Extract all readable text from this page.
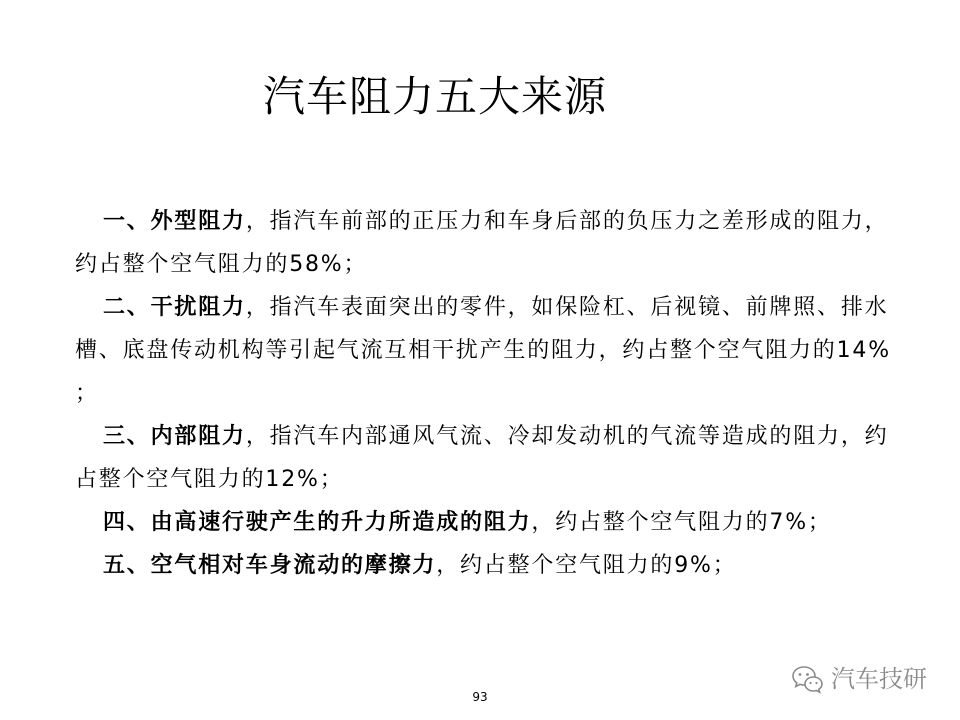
汽车阻力五大来源
一、外型阻力，指汽车前部的正压力和车身后部的负压力之差形成的阻力，
约占整个空气阻力的58%；
二、干扰阻力，指汽车表面突出的零件，如保险杠、后视镜、前牌照、排水
槽、底盘传动机构等引起气流互相干扰产生的阻力，约占整个空气阻力的14%
；
三、内部阻力，指汽车内部通风气流、冷却发动机的气流等造成的阻力，约
占整个空气阻力的12%；
四、由高速行驶产生的升力所造成的阻力，约占整个空气阻力的7%；
五、空气相对车身流动的摩擦力，约占整个空气阻力的9%；
93
汽车技研
